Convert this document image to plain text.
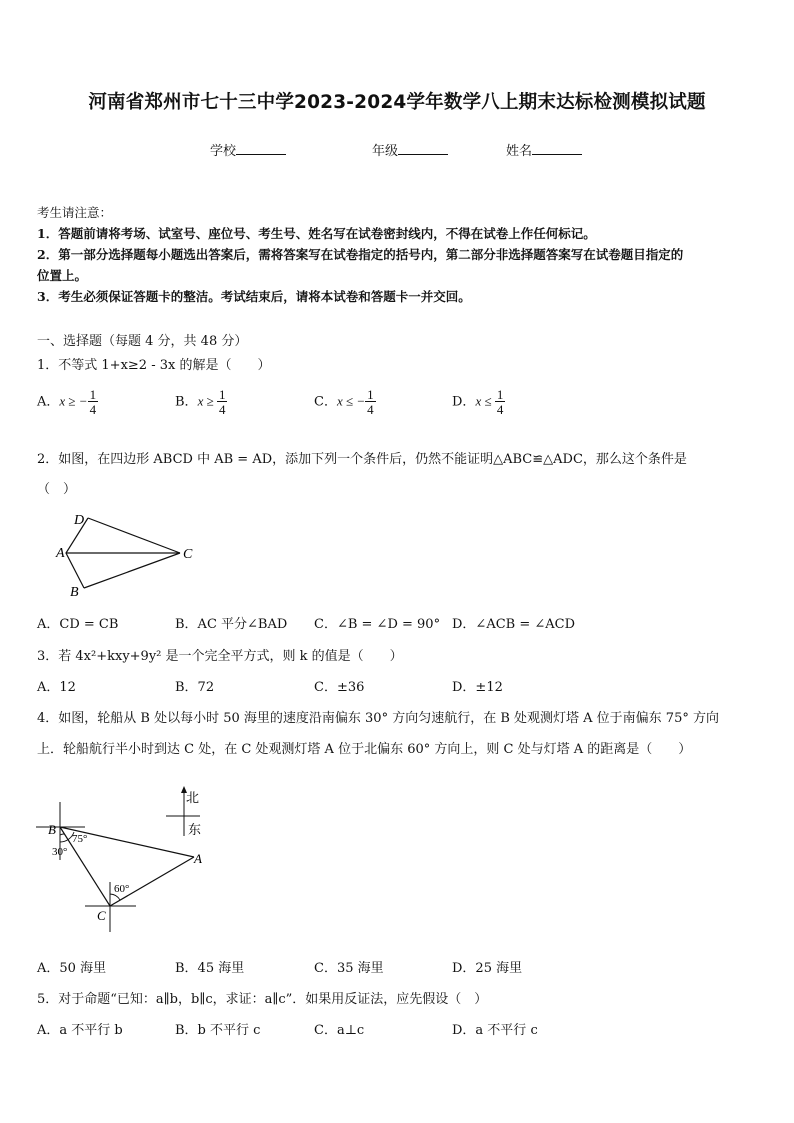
河南省郑州市七十三中学2023-2024学年数学八上期末达标检测模拟试题
学校	年级	姓名
考生请注意：
1．答题前请将考场、试室号、座位号、考生号、姓名写在试卷密封线内，不得在试卷上作任何标记。
2．第一部分选择题每小题选出答案后，需将答案写在试卷指定的括号内，第二部分非选择题答案写在试卷题目指定的
位置上。
3．考生必须保证答题卡的整洁。考试结束后，请将本试卷和答题卡一并交回。
一、选择题（每题 4 分，共 48 分）
1．不等式 1+x≥2 - 3x 的解是（　　）
A．x ≥ − $\frac{1}{4}$	B．$x \ge \frac{1}{4}$	C．x ≤ − $\frac{1}{4}$	D．$x \le \frac{1}{4}$
2．如图，在四边形 ABCD 中 AB = AD，添加下列一个条件后，仍然不能证明△ABC≌△ADC，那么这个条件是
（　）
D
A
B
C
A．CD = CB	B．AC 平分∠BAD C．∠B = ∠D = 90° D．∠ACB = ∠ACD
3．若 4x²+kxy+9y² 是一个完全平方式，则 k 的值是（　　）
A．12	B．72	C．±36	D．±12
4．如图，轮船从 B 处以每小时 50 海里的速度沿南偏东 30° 方向匀速航行，在 B 处观测灯塔 A 位于南偏东 75° 方向
上．轮船航行半小时到达 C 处，在 C 处观测灯塔 A 位于北偏东 60° 方向上，则 C 处与灯塔 A 的距离是（　　）
北
东
B
A
C
75°
30°
60°
A．50 海里	B．45 海里	C．35 海里	D．25 海里
5．对于命题“已知：a∥b，b∥c，求证：a∥c”．如果用反证法，应先假设（　）
A．a 不平行 b	B．b 不平行 c	C．a⊥c	D．a 不平行 c
